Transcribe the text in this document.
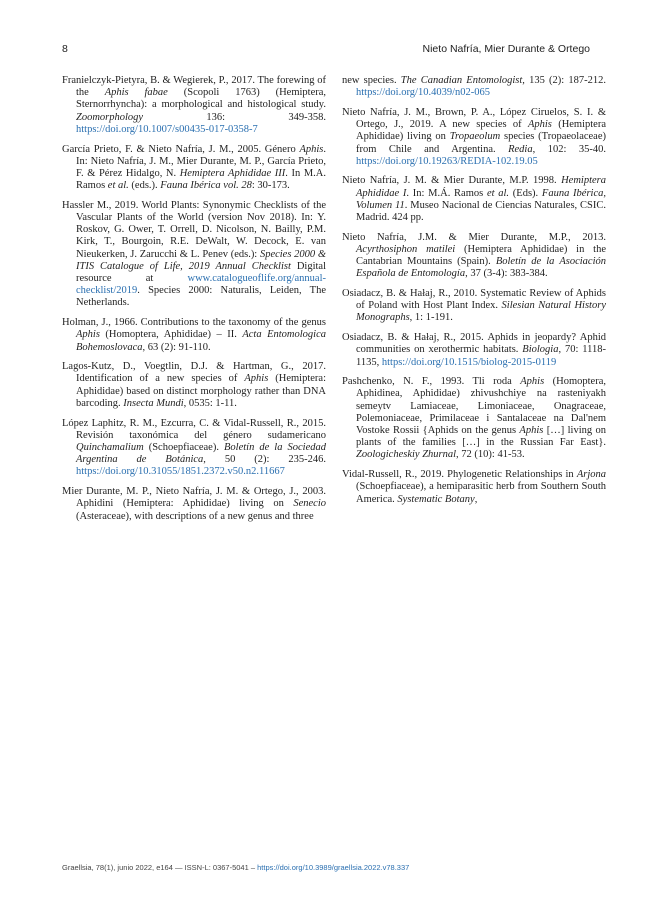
8	Nieto Nafría, Mier Durante & Ortego

Franielczyk-Pietyra, B. & Wegierek, P., 2017. The forewing of the Aphis fabae (Scopoli 1763) (Hemiptera, Sternorrhyncha): a morphological and histological study. Zoomorphology 136: 349-358. https://doi.org/10.1007/s00435-017-0358-7

García Prieto, F. & Nieto Nafría, J. M., 2005. Género Aphis. In: Nieto Nafría, J. M., Mier Durante, M. P., García Prieto, F. & Pérez Hidalgo, N. Hemiptera Aphididae III. In M.A. Ramos et al. (eds.). Fauna Ibérica vol. 28: 30-173.

Hassler M., 2019. World Plants: Synonymic Checklists of the Vascular Plants of the World (version Nov 2018). In: Y. Roskov, G. Ower, T. Orrell, D. Nicolson, N. Bailly, P.M. Kirk, T., Bourgoin, R.E. DeWalt, W. Decock, E. van Nieukerken, J. Zarucchi & L. Penev (eds.): Species 2000 & ITIS Catalogue of Life, 2019 Annual Checklist Digital resource at www.catalogueoflife.org/annual-checklist/2019. Species 2000: Naturalis, Leiden, The Netherlands.

Holman, J., 1966. Contributions to the taxonomy of the genus Aphis (Homoptera, Aphididae) – II. Acta Entomologica Bohemoslovaca, 63 (2): 91-110.

Lagos-Kutz, D., Voegtlin, D.J. & Hartman, G., 2017. Identification of a new species of Aphis (Hemiptera: Aphididae) based on distinct morphology rather than DNA barcoding. Insecta Mundi, 0535: 1-11.

López Laphitz, R. M., Ezcurra, C. & Vidal-Russell, R., 2015. Revisión taxonómica del género sudamericano Quinchamalium (Schoepfiaceae). Boletín de la Sociedad Argentina de Botánica, 50 (2): 235-246. https://doi.org/10.31055/1851.2372.v50.n2.11667

Mier Durante, M. P., Nieto Nafría, J. M. & Ortego, J., 2003. Aphidini (Hemiptera: Aphididae) living on Senecio (Asteraceae), with descriptions of a new genus and three

new species. The Canadian Entomologist, 135 (2): 187-212. https://doi.org/10.4039/n02-065

Nieto Nafría, J. M., Brown, P. A., López Ciruelos, S. I. & Ortego, J., 2019. A new species of Aphis (Hemiptera Aphididae) living on Tropaeolum species (Tropaeolaceae) from Chile and Argentina. Redia, 102: 35-40. https://doi.org/10.19263/REDIA-102.19.05

Nieto Nafría, J. M. & Mier Durante, M.P. 1998. Hemiptera Aphididae I. In: M.Á. Ramos et al. (Eds). Fauna Ibérica, Volumen 11. Museo Nacional de Ciencias Naturales, CSIC. Madrid. 424 pp.

Nieto Nafría, J.M. & Mier Durante, M.P., 2013. Acyrthosiphon matilei (Hemiptera Aphididae) in the Cantabrian Mountains (Spain). Boletín de la Asociación Española de Entomología, 37 (3-4): 383-384.

Osiadacz, B. & Hałaj, R., 2010. Systematic Review of Aphids of Poland with Host Plant Index. Silesian Natural History Monographs, 1: 1-191.

Osiadacz, B. & Hałaj, R., 2015. Aphids in jeopardy? Aphid communities on xerothermic habitats. Biologia, 70: 1118-1135, https://doi.org/10.1515/biolog-2015-0119

Pashchenko, N. F., 1993. Tli roda Aphis (Homoptera, Aphidinea, Aphididae) zhivushchiye na rasteniyakh semeytv Lamiaceae, Limoniaceae, Onagraceae, Polemoniaceae, Primilaceae i Santalaceae na Dal'nem Vostoke Rossii {Aphids on the genus Aphis […] living on plants of the families […] in the Russian Far East}. Zoologicheskiy Zhurnal, 72 (10): 41-53.

Vidal-Russell, R., 2019. Phylogenetic Relationships in Arjona (Schoepfiaceae), a hemiparasitic herb from Southern South America. Systematic Botany,

Graellsia, 78(1), junio 2022, e164 — ISSN-L: 0367-5041 – https://doi.org/10.3989/graellsia.2022.v78.337
